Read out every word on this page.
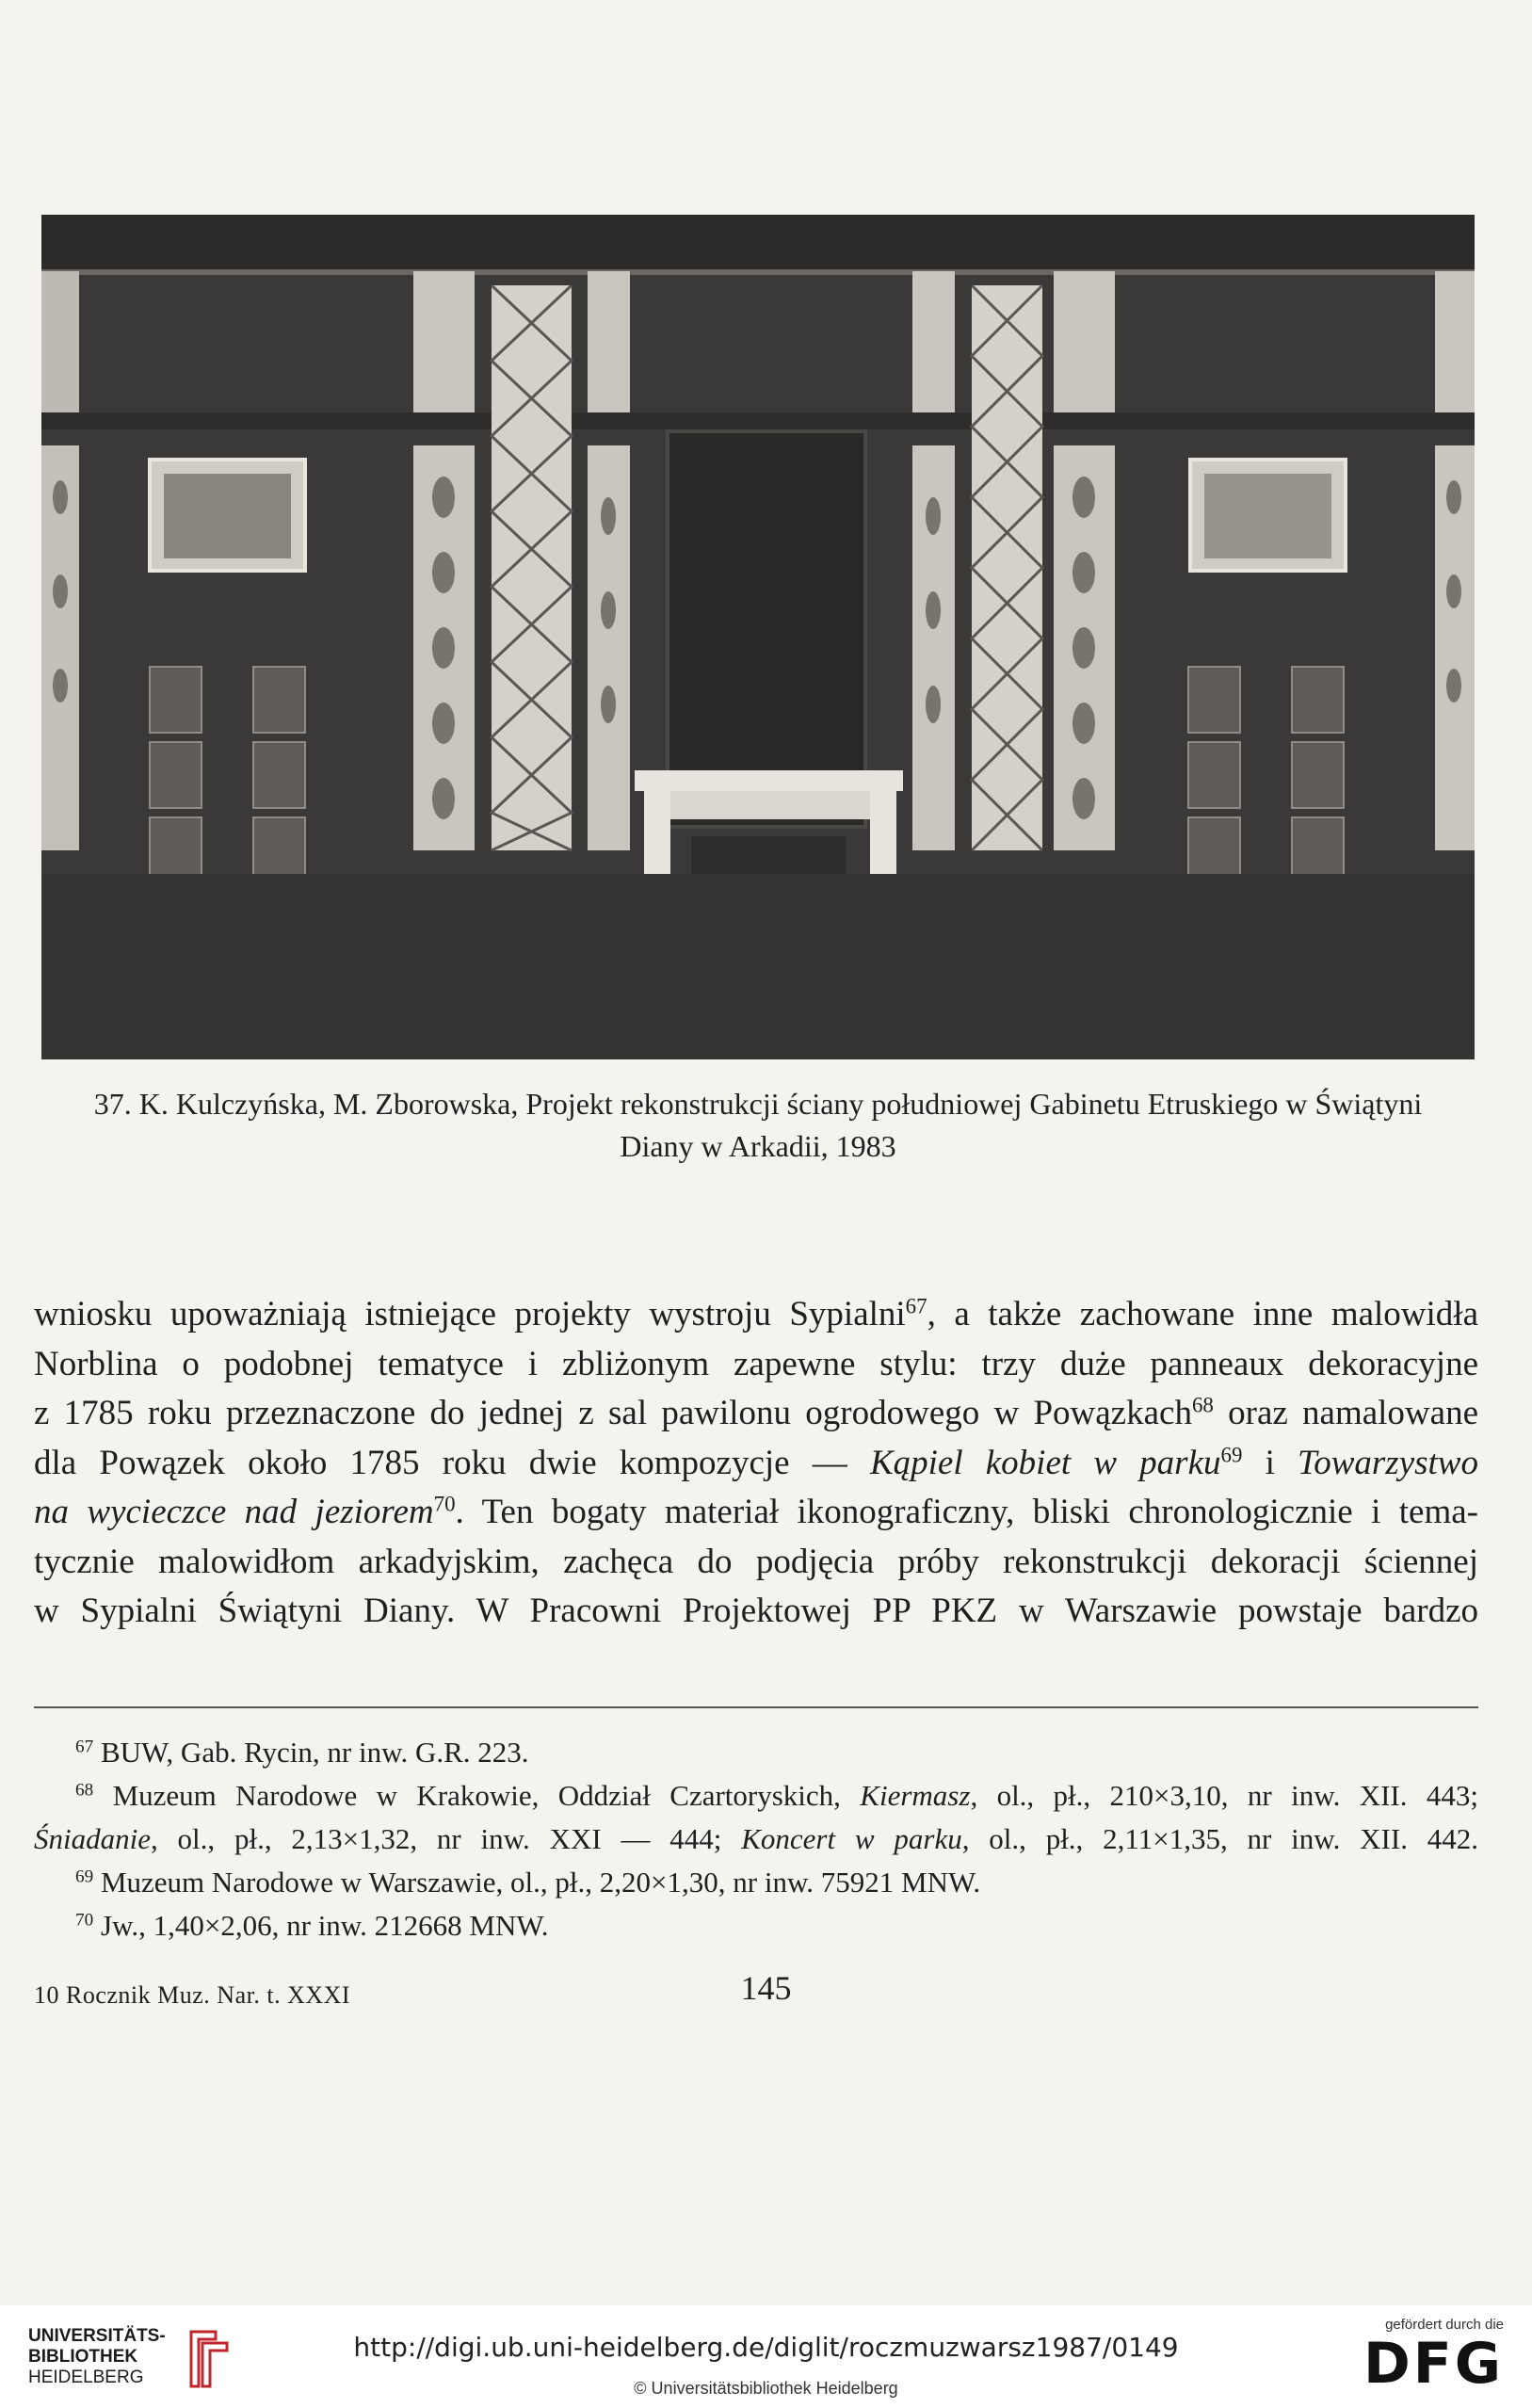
37. K. Kulczyńska, M. Zborowska, Projekt rekonstrukcji ściany południowej Gabinetu Etruskiego w Świątyni
Diany w Arkadii, 1983
wniosku upoważniają istniejące projekty wystroju Sypialni$^{67}$, a także zachowane inne malowidła
Norblina o podobnej tematyce i zbliżonym zapewne stylu: trzy duże panneaux dekoracyjne
z 1785 roku przeznaczone do jednej z sal pawilonu ogrodowego w Powązkach$^{68}$ oraz namalowane
dla Powązek około 1785 roku dwie kompozycje — Kąpiel kobiet w parku$^{69}$ i Towarzystwo
na wycieczce nad jeziorem$^{70}$. Ten bogaty materiał ikonograficzny, bliski chronologicznie i tema-
tycznie malowidłom arkadyjskim, zachęca do podjęcia próby rekonstrukcji dekoracji ściennej
w Sypialni Świątyni Diany. W Pracowni Projektowej PP PKZ w Warszawie powstaje bardzo
$^{67}$ BUW, Gab. Rycin, nr inw. G.R. 223.
$^{68}$ Muzeum Narodowe w Krakowie, Oddział Czartoryskich, Kiermasz, ol., pł., 210×3,10, nr inw. XII. 443;
Śniadanie, ol., pł., 2,13×1,32, nr inw. XXI — 444; Koncert w parku, ol., pł., 2,11×1,35, nr inw. XII. 442.
$^{69}$ Muzeum Narodowe w Warszawie, ol., pł., 2,20×1,30, nr inw. 75921 MNW.
$^{70}$ Jw., 1,40×2,06, nr inw. 212668 MNW.
10 Rocznik Muz. Nar. t. XXXI	145
UNIVERSITÄTS-
BIBLIOTHEK
HEIDELBERG
http://digi.ub.uni-heidelberg.de/diglit/roczmuzwarsz1987/0149
© Universitätsbibliothek Heidelberg
gefördert durch die
DFG
